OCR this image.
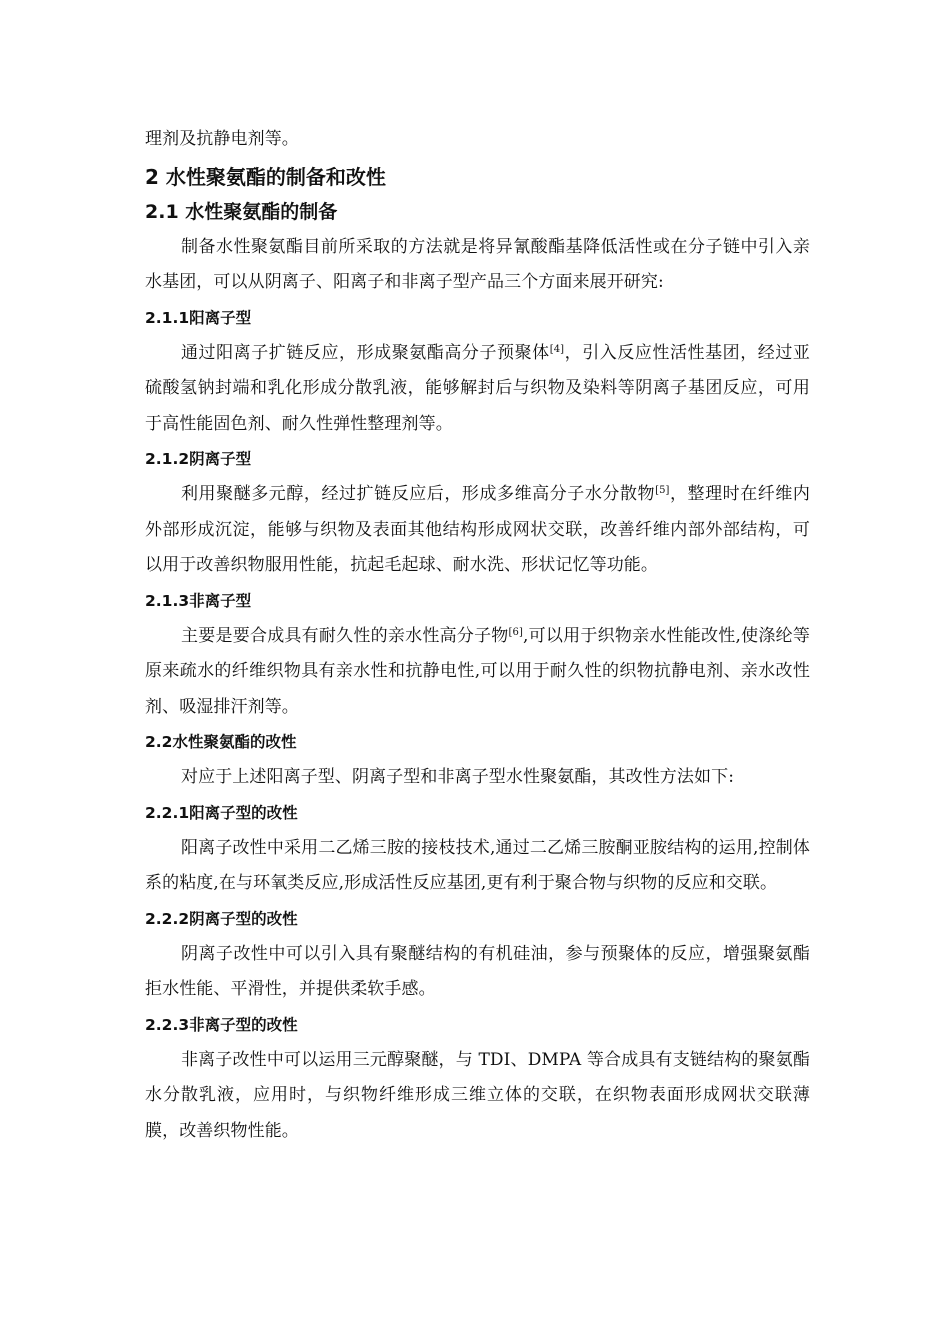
理剂及抗静电剂等。

2 水性聚氨酯的制备和改性
2.1 水性聚氨酯的制备

制备水性聚氨酯目前所采取的方法就是将异氰酸酯基降低活性或在分子链中引入亲水基团，可以从阴离子、阳离子和非离子型产品三个方面来展开研究:

2.1.1阳离子型

通过阳离子扩链反应，形成聚氨酯高分子预聚体[4]，引入反应性活性基团，经过亚硫酸氢钠封端和乳化形成分散乳液，能够解封后与织物及染料等阴离子基团反应，可用于高性能固色剂、耐久性弹性整理剂等。

2.1.2阴离子型

利用聚醚多元醇，经过扩链反应后，形成多维高分子水分散物[5]，整理时在纤维内外部形成沉淀，能够与织物及表面其他结构形成网状交联，改善纤维内部外部结构，可以用于改善织物服用性能，抗起毛起球、耐水洗、形状记忆等功能。

2.1.3非离子型

主要是要合成具有耐久性的亲水性高分子物[6],可以用于织物亲水性能改性,使涤纶等原来疏水的纤维织物具有亲水性和抗静电性,可以用于耐久性的织物抗静电剂、亲水改性剂、吸湿排汗剂等。

2.2水性聚氨酯的改性

对应于上述阳离子型、阴离子型和非离子型水性聚氨酯，其改性方法如下:

2.2.1阳离子型的改性

阳离子改性中采用二乙烯三胺的接枝技术,通过二乙烯三胺酮亚胺结构的运用,控制体系的粘度,在与环氧类反应,形成活性反应基团,更有利于聚合物与织物的反应和交联。

2.2.2阴离子型的改性

阴离子改性中可以引入具有聚醚结构的有机硅油，参与预聚体的反应，增强聚氨酯拒水性能、平滑性，并提供柔软手感。

2.2.3非离子型的改性

非离子改性中可以运用三元醇聚醚，与 TDI、DMPA 等合成具有支链结构的聚氨酯水分散乳液，应用时，与织物纤维形成三维立体的交联，在织物表面形成网状交联薄膜，改善织物性能。
